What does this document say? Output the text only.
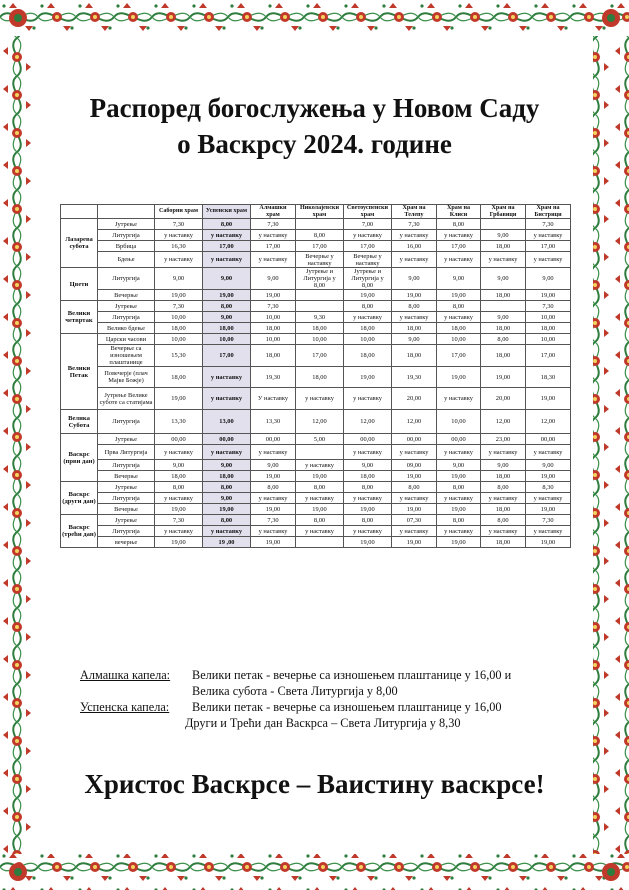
Распоред богослужења у Новом Саду
о Васкрсу 2024. године
		Саборни храм	Успенски храм	Алмашки храм	Николајевски храм	Светоуспенски храм	Храм на Телепу	Храм на Клиси	Храм на Грбавици	Храм на Бистрици
Лазарева субота	Јутрење	7,30	8,00	7,30		7,00	7,30	8,00		7,30
	Литургија	у наставку	у наставку	у наставку	8,00	у наставку	у наставку	у наставку	9,00	у наставку
	Врбица	16,30	17,00	17,00	17,00	17,00	16,00	17,00	18,00	17,00
	Бдење	у наставку	у наставку	у наставку	Вечерње у наставку	Вечерње у наставку	у наставку	у наставку	у наставку	у наставку
Цвети	Литургија	9,00	9,00	9,00	Јутрење и Литургија у 8,00	Јутрење и Литургија у 8,00	9,00	9,00	9,00	9,00
	Вечерње	19,00	19,00	19,00		19,00	19,00	19,00	18,00	19,00
Велики четвртак	Јутрење	7,30	8,00	7,30		8,00	8,00	8,00		7,30
	Литургија	10,00	9,00	10,00	9,30	у наставку	у наставку	у наставку	9,00	10,00
	Велико бдење	18,00	18,00	18,00	18,00	18,00	18,00	18,00	18,00	18,00
Велики Петак	Царски часови	10,00	10,00	10,00	10,00	10,00	9,00	10,00	8,00	10,00
	Вечерње са изношењем плаштанице	15,30	17,00	18,00	17,00	18,00	18,00	17,00	18,00	17,00
	Повечерје (плач Мајке Божје)	18,00	у наставку	19,30	18,00	19,00	19,30	19,00	19,00	18,30
	Јутрење Велике суботе са статијама	19,00	у наставку	У наставку	у наставку	у наставку	20,00	у наставку	20,00	19,00
Велика Субота	Литургија	13,30	13,00	13,30	12,00	12,00	12,00	10,00	12,00	12,00
Васкрс (први дан)	Јутрење	00,00	00,00	00,00	5,00	00,00	00,00	00,00	23,00	00,00
	Прва Литургија	у наставку	у наставку	у наставку		у наставку	у наставку	у наставку	у наставку	у наставку
	Литургија	9,00	9,00	9,00	у наставку	9,00	09,00	9,00	9,00	9,00
	Вечерње	18,00	18,00	19,00	19,00	18,00	19,00	19,00	18,00	19,00
Васкрс (други дан)	Јутрење	8,00	8,00	8,00	8,00	8,00	8,00	8,00	8,00	8,30
	Литургија	у наставку	9,00	у наставку	у наставку	у наставку	у наставку	у наставку	у наставку	у наставку
	Вечерње	19,00	19,00	19,00	19,00	19,00	19,00	19,00	18,00	19,00
Васкрс (трећи дан)	Јутрење	7,30	8,00	7,30	8,00	8,00	07,30	8,00	8,00	7,30
	Литургија	у наставку	у наставку	у наставку	у наставку	у наставку	у наставку	у наставку	у наставку	у наставку
	вечерње	19,00	19 ,00	19,00		19,00	19,00	19,00	18,00	19,00
Алмашка капела: Велики петак - вечерње са изношењем плаштанице у 16,00 и
Велика субота - Света Литургија у 8,00
Успенска капела: Велики петак - вечерње са изношењем плаштанице у 16,00
Други и Трећи дан Васкрса – Света Литургија у 8,30
Христос Васкрсе – Ваистину васкрсе!
